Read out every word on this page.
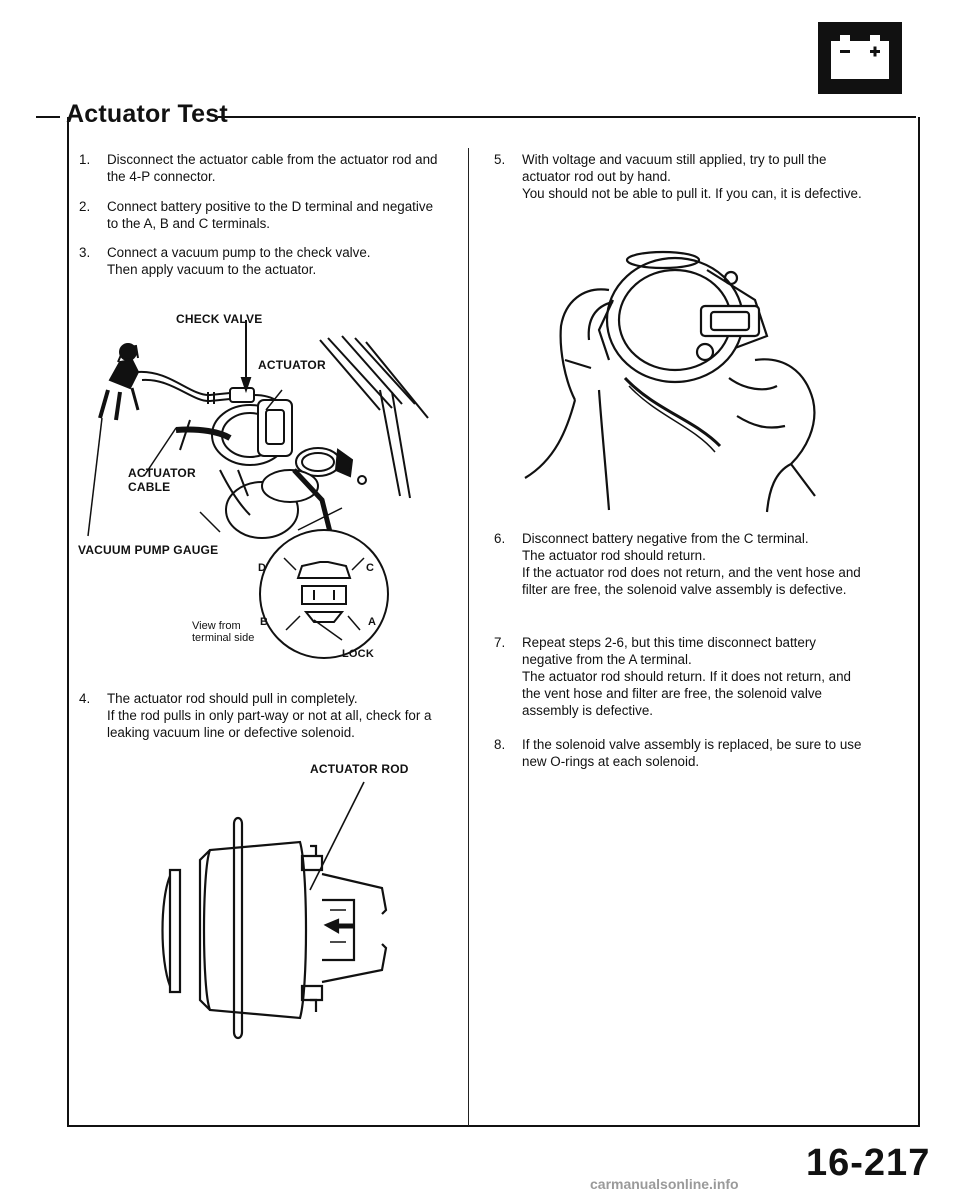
Actuator Test
1. Disconnect the actuator cable from the actuator rod and the 4-P connector.

2. Connect battery positive to the D terminal and negative to the A, B and C terminals.

3. Connect a vacuum pump to the check valve.

Then apply vacuum to the actuator.

CHECK VALVE
ACTUATOR
ACTUATOR
CABLE
VACUUM PUMP GAUGE
D	C
B	A
View from
terminal side
LOCK
4. The actuator rod should pull in completely.

If the rod pulls in only part-way or not at all, check for a leaking vacuum line or defective solenoid.

ACTUATOR ROD
5. With voltage and vacuum still applied, try to pull the actuator rod out by hand.

You should not be able to pull it. If you can, it is defective.

6. Disconnect battery negative from the C terminal.

The actuator rod should return.

If the actuator rod does not return, and the vent hose and filter are free, the solenoid valve assembly is defective.

7. Repeat steps 2-6, but this time disconnect battery negative from the A terminal.

The actuator rod should return. If it does not return, and the vent hose and filter are free, the solenoid valve assembly is defective.

8. If the solenoid valve assembly is replaced, be sure to use new O-rings at each solenoid.

16-217
carmanualsonline.info
